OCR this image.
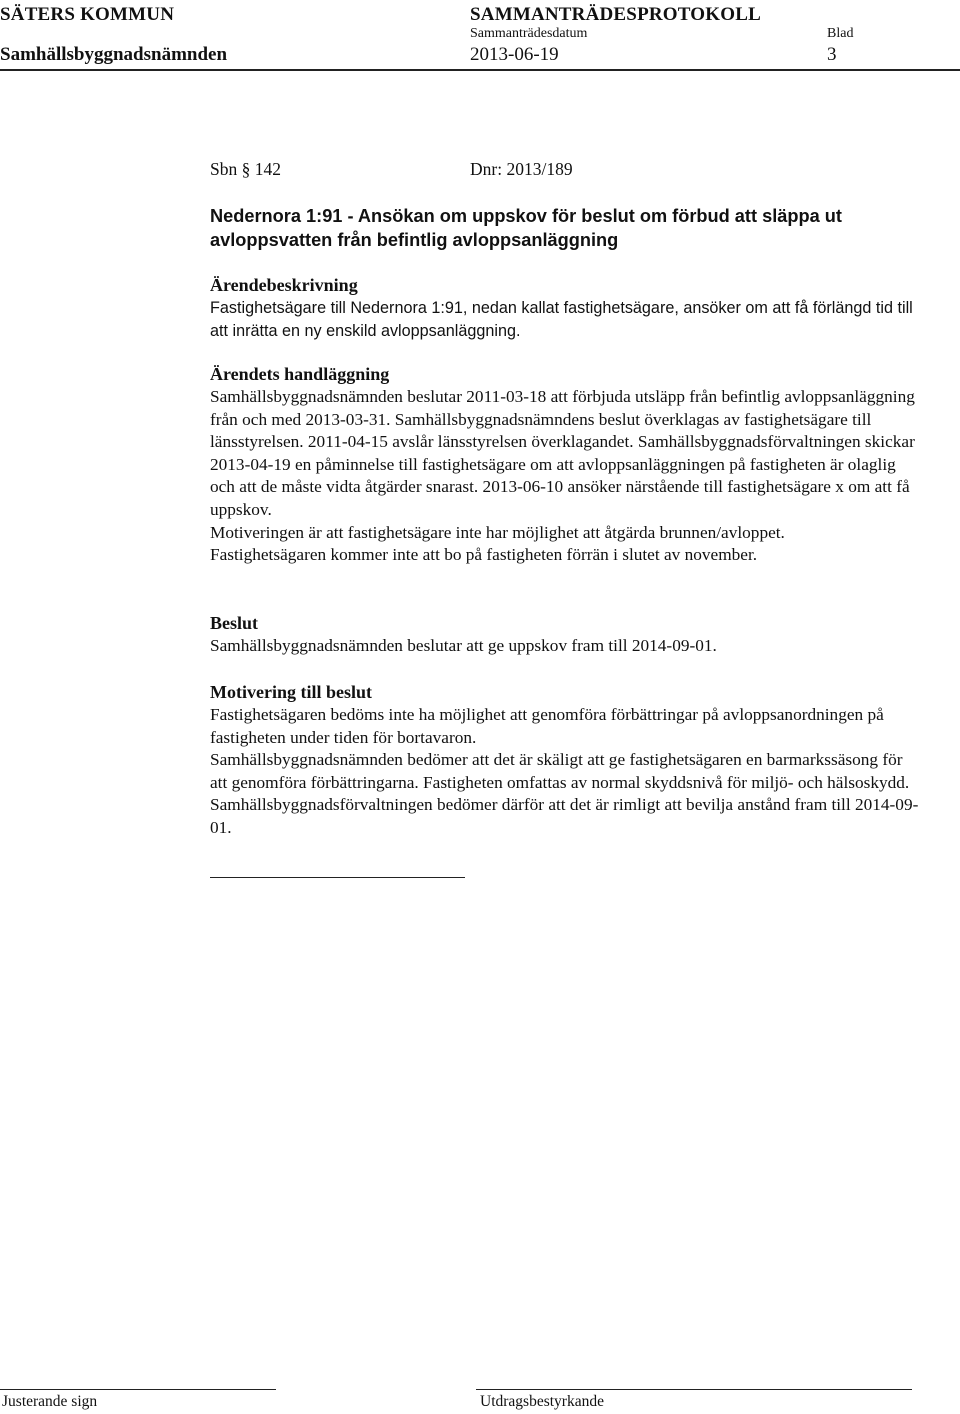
SÄTERS KOMMUN	SAMMANTRÄDESPROTOKOLL
Sammanträdesdatum	Blad
Samhällsbyggnadsnämnden	2013-06-19	3
Sbn § 142	Dnr: 2013/189
Nedernora 1:91 - Ansökan om uppskov för beslut om förbud att släppa ut avloppsvatten från befintlig avloppsanläggning
Ärendebeskrivning
Fastighetsägare till Nedernora 1:91, nedan kallat fastighetsägare, ansöker om att få förlängd tid till att inrätta en ny enskild avloppsanläggning.
Ärendets handläggning
Samhällsbyggnadsnämnden beslutar 2011-03-18 att förbjuda utsläpp från befintlig avloppsanläggning från och med 2013-03-31. Samhällsbyggnadsnämndens beslut överklagas av fastighetsägare till länsstyrelsen. 2011-04-15 avslår länsstyrelsen överklagandet. Samhällsbyggnadsförvaltningen skickar 2013-04-19 en påminnelse till fastighetsägare om att avloppsanläggningen på fastigheten är olaglig och att de måste vidta åtgärder snarast. 2013-06-10 ansöker närstående till fastighetsägare x om att få uppskov.
Motiveringen är att fastighetsägare inte har möjlighet att åtgärda brunnen/avloppet.
Fastighetsägaren kommer inte att bo på fastigheten förrän i slutet av november.
Beslut
Samhällsbyggnadsnämnden beslutar att ge uppskov fram till 2014-09-01.
Motivering till beslut
Fastighetsägaren bedöms inte ha möjlighet att genomföra förbättringar på avloppsanordningen på fastigheten under tiden för bortavaron.
Samhällsbyggnadsnämnden bedömer att det är skäligt att ge fastighetsägaren en barmarkssäsong för att genomföra förbättringarna. Fastigheten omfattas av normal skyddsnivå för miljö- och hälsoskydd. Samhällsbyggnadsförvaltningen bedömer därför att det är rimligt att bevilja anstånd fram till 2014-09-01.
Justerande sign	Utdragsbestyrkande
